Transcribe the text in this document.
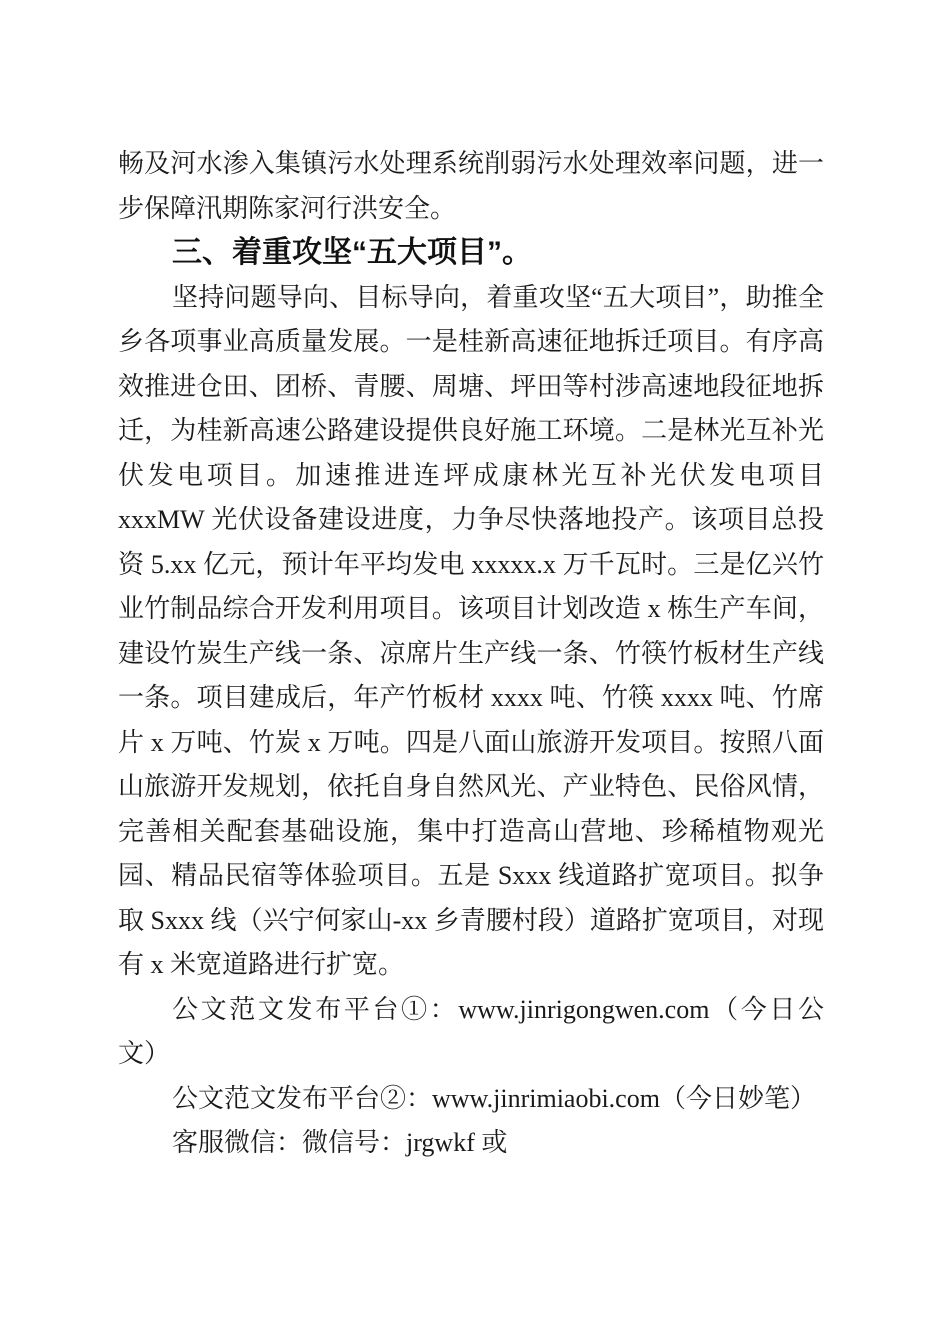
畅及河水渗入集镇污水处理系统削弱污水处理效率问题，进一步保障汛期陈家河行洪安全。

三、着重攻坚“五大项目”。

坚持问题导向、目标导向，着重攻坚“五大项目”，助推全乡各项事业高质量发展。一是桂新高速征地拆迁项目。有序高效推进仓田、团桥、青腰、周塘、坪田等村涉高速地段征地拆迁，为桂新高速公路建设提供良好施工环境。二是林光互补光伏发电项目。加速推进连坪成康林光互补光伏发电项目 xxxMW 光伏设备建设进度，力争尽快落地投产。该项目总投资 5.xx 亿元，预计年平均发电 xxxxx.x 万千瓦时。三是亿兴竹业竹制品综合开发利用项目。该项目计划改造 x 栋生产车间，建设竹炭生产线一条、凉席片生产线一条、竹筷竹板材生产线一条。项目建成后，年产竹板材 xxxx 吨、竹筷 xxxx 吨、竹席片 x 万吨、竹炭 x 万吨。四是八面山旅游开发项目。按照八面山旅游开发规划，依托自身自然风光、产业特色、民俗风情，完善相关配套基础设施，集中打造高山营地、珍稀植物观光园、精品民宿等体验项目。五是 Sxxx 线道路扩宽项目。拟争取 Sxxx 线（兴宁何家山-xx 乡青腰村段）道路扩宽项目，对现有 x 米宽道路进行扩宽。

公文范文发布平台①：www.jinrigongwen.com（今日公文）

公文范文发布平台②：www.jinrimiaobi.com（今日妙笔）

客服微信：微信号：jrgwkf 或
